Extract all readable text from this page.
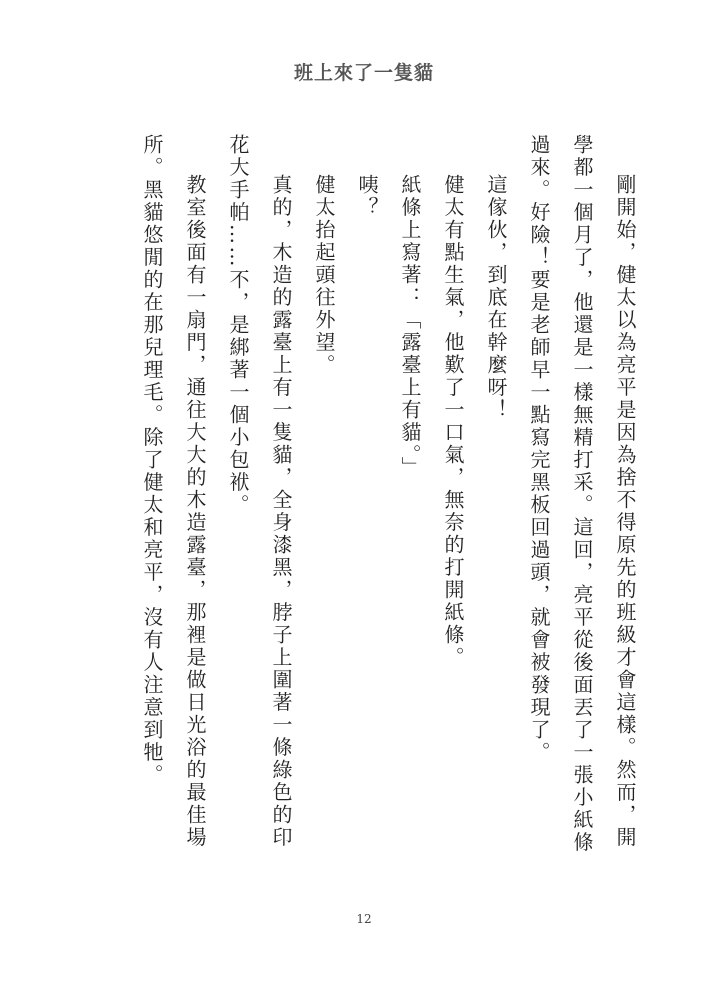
班上來了一隻貓

剛開始，健太以為亮平是因為捨不得原先的班級才會這樣。然而，開學都一個月了，他還是一樣無精打采。這回，亮平從後面丟了一張小紙條過來。好險！要是老師早一點寫完黑板回過頭，就會被發現了。

這傢伙，到底在幹麼呀！

健太有點生氣，他歎了一口氣，無奈的打開紙條。

紙條上寫著：「露臺上有貓。」

咦？

健太抬起頭往外望。

真的，木造的露臺上有一隻貓，全身漆黑，脖子上圍著一條綠色的印花大手帕……不，是綁著一個小包袱。

教室後面有一扇門，通往大大的木造露臺，那裡是做日光浴的最佳場所。黑貓悠閒的在那兒理毛。除了健太和亮平，沒有人注意到牠。

12
